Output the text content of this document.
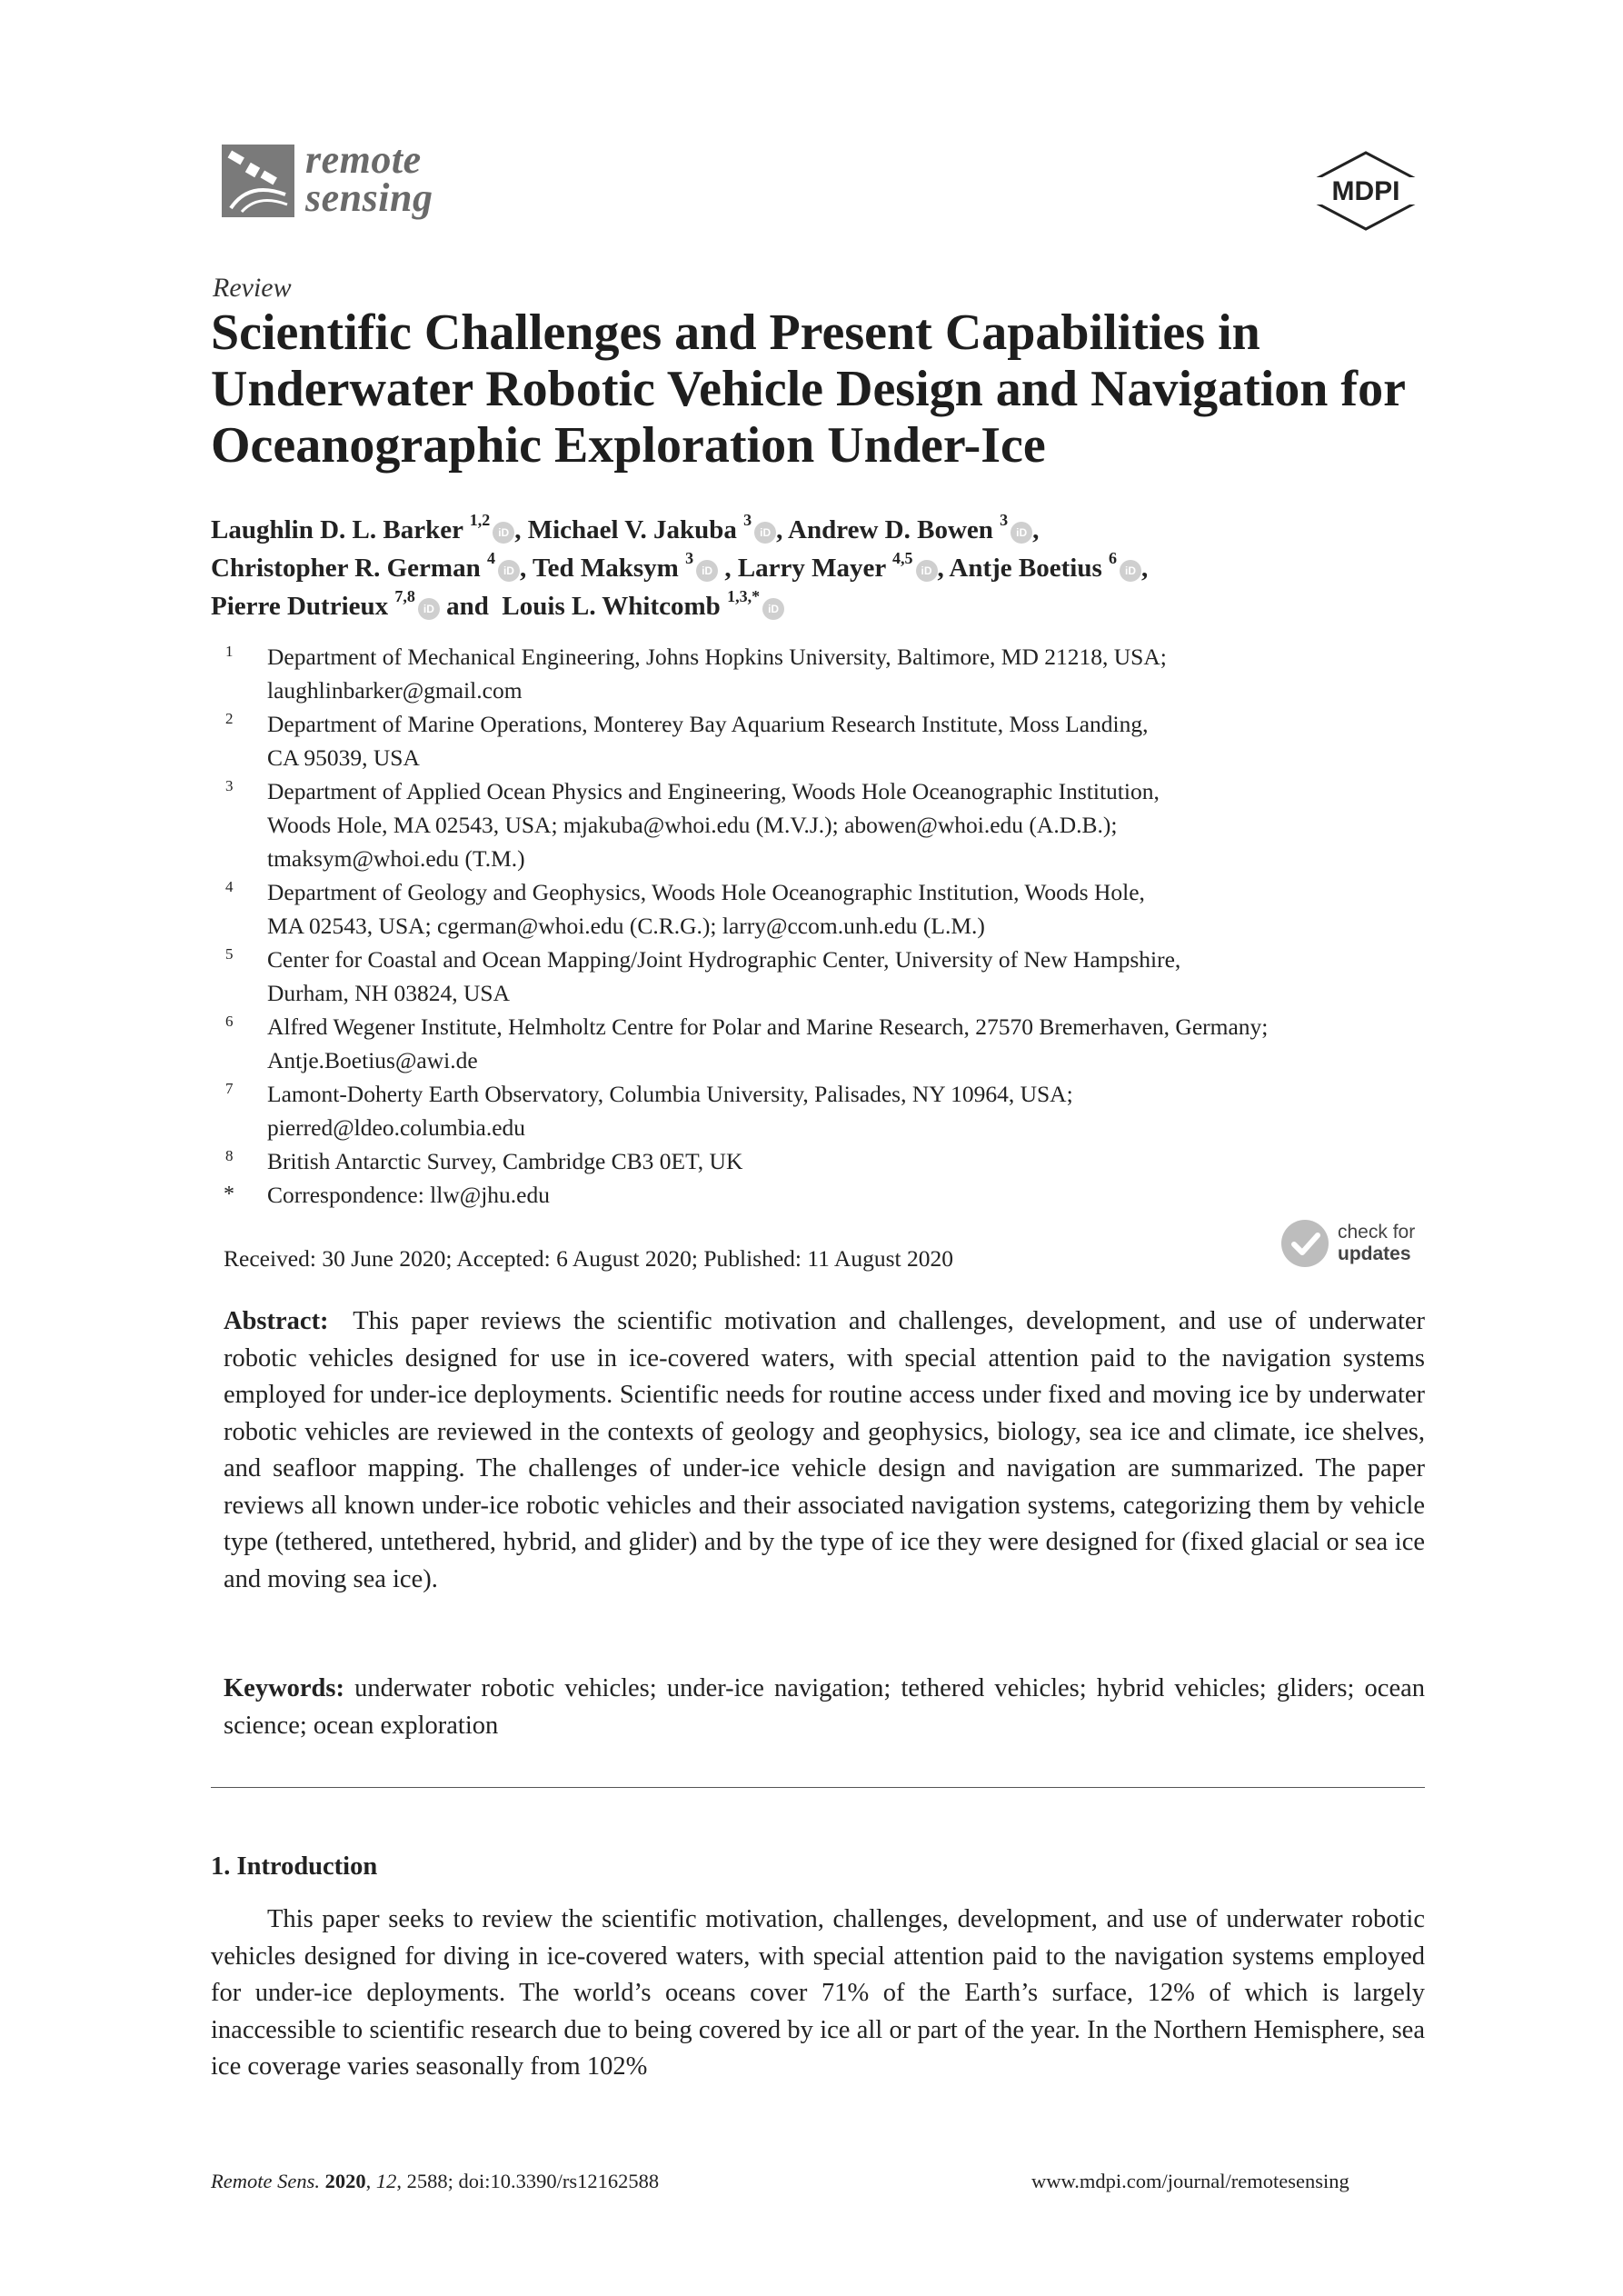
remote
sensing	MDPI
Review
Scientific Challenges and Present Capabilities in Underwater Robotic Vehicle Design and Navigation for Oceanographic Exploration Under-Ice
Laughlin D. L. Barker $^{1,2}$iD , Michael V. Jakuba $^3$iD , Andrew D. Bowen $^3$iD ,
Christopher R. German $^4$iD , Ted Maksym $^3$iD , Larry Mayer $^{4,5}$iD , Antje Boetius $^6$iD ,
Pierre Dutrieux $^{7,8}$iD and  Louis L. Whitcomb $^{1,3,*}$iD
1 Department of Mechanical Engineering, Johns Hopkins University, Baltimore, MD 21218, USA;
laughlinbarker@gmail.com
2 Department of Marine Operations, Monterey Bay Aquarium Research Institute, Moss Landing,
CA 95039, USA
3 Department of Applied Ocean Physics and Engineering, Woods Hole Oceanographic Institution,
Woods Hole, MA 02543, USA; mjakuba@whoi.edu (M.V.J.); abowen@whoi.edu (A.D.B.);
tmaksym@whoi.edu (T.M.)
4 Department of Geology and Geophysics, Woods Hole Oceanographic Institution, Woods Hole,
MA 02543, USA; cgerman@whoi.edu (C.R.G.); larry@ccom.unh.edu (L.M.)
5 Center for Coastal and Ocean Mapping/Joint Hydrographic Center, University of New Hampshire,
Durham, NH 03824, USA
6 Alfred Wegener Institute, Helmholtz Centre for Polar and Marine Research, 27570 Bremerhaven, Germany;
Antje.Boetius@awi.de
7 Lamont-Doherty Earth Observatory, Columbia University, Palisades, NY 10964, USA;
pierred@ldeo.columbia.edu
8 British Antarctic Survey, Cambridge CB3 0ET, UK
* Correspondence: llw@jhu.edu
Received: 30 June 2020; Accepted: 6 August 2020; Published: 11 August 2020
check for
updates
Abstract: This paper reviews the scientific motivation and challenges, development, and use of underwater robotic vehicles designed for use in ice-covered waters, with special attention paid to the navigation systems employed for under-ice deployments. Scientific needs for routine access under fixed and moving ice by underwater robotic vehicles are reviewed in the contexts of geology and geophysics, biology, sea ice and climate, ice shelves, and seafloor mapping. The challenges of under-ice vehicle design and navigation are summarized. The paper reviews all known under-ice robotic vehicles and their associated navigation systems, categorizing them by vehicle type (tethered, untethered, hybrid, and glider) and by the type of ice they were designed for (fixed glacial or sea ice and moving sea ice).
Keywords: underwater robotic vehicles; under-ice navigation; tethered vehicles; hybrid vehicles; gliders; ocean science; ocean exploration
1. Introduction
This paper seeks to review the scientific motivation, challenges, development, and use of underwater robotic vehicles designed for diving in ice-covered waters, with special attention paid to the navigation systems employed for under-ice deployments. The world’s oceans cover 71% of the Earth’s surface, 12% of which is largely inaccessible to scientific research due to being covered by ice all or part of the year. In the Northern Hemisphere, sea ice coverage varies seasonally from 102%
Remote Sens. 2020, 12, 2588; doi:10.3390/rs12162588	www.mdpi.com/journal/remotesensing
